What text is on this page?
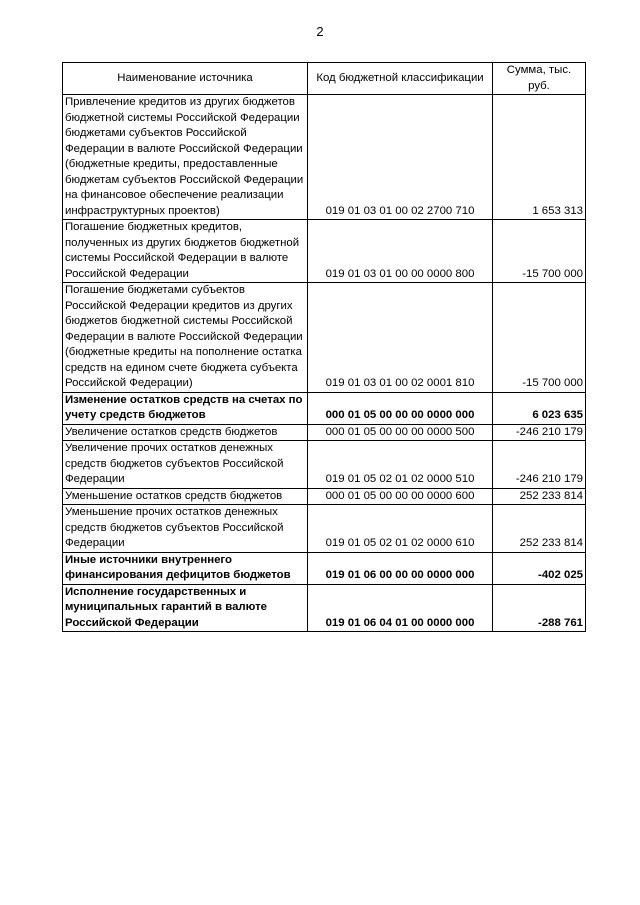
2
Наименование источника	Код бюджетной классификации	Сумма, тыс. руб.
Привлечение кредитов из других бюджетов бюджетной системы Российской Федерации бюджетами субъектов Российской Федерации в валюте Российской Федерации (бюджетные кредиты, предоставленные бюджетам субъектов Российской Федерации на финансовое обеспечение реализации инфраструктурных проектов)	019 01 03 01 00 02 2700 710	1 653 313
Погашение бюджетных кредитов, полученных из других бюджетов бюджетной системы Российской Федерации в валюте Российской Федерации	019 01 03 01 00 00 0000 800	-15 700 000
Погашение бюджетами субъектов Российской Федерации кредитов из других бюджетов бюджетной системы Российской Федерации в валюте Российской Федерации (бюджетные кредиты на пополнение остатка средств на едином счете бюджета субъекта Российской Федерации)	019 01 03 01 00 02 0001 810	-15 700 000
Изменение остатков средств на счетах по учету средств бюджетов	000 01 05 00 00 00 0000 000	6 023 635
Увеличение остатков средств бюджетов	000 01 05 00 00 00 0000 500	-246 210 179
Увеличение прочих остатков денежных средств бюджетов субъектов Российской Федерации	019 01 05 02 01 02 0000 510	-246 210 179
Уменьшение остатков средств бюджетов	000 01 05 00 00 00 0000 600	252 233 814
Уменьшение прочих остатков денежных средств бюджетов субъектов Российской Федерации	019 01 05 02 01 02 0000 610	252 233 814
Иные источники внутреннего финансирования дефицитов бюджетов	019 01 06 00 00 00 0000 000	-402 025
Исполнение государственных и муниципальных гарантий в валюте Российской Федерации	019 01 06 04 01 00 0000 000	-288 761
